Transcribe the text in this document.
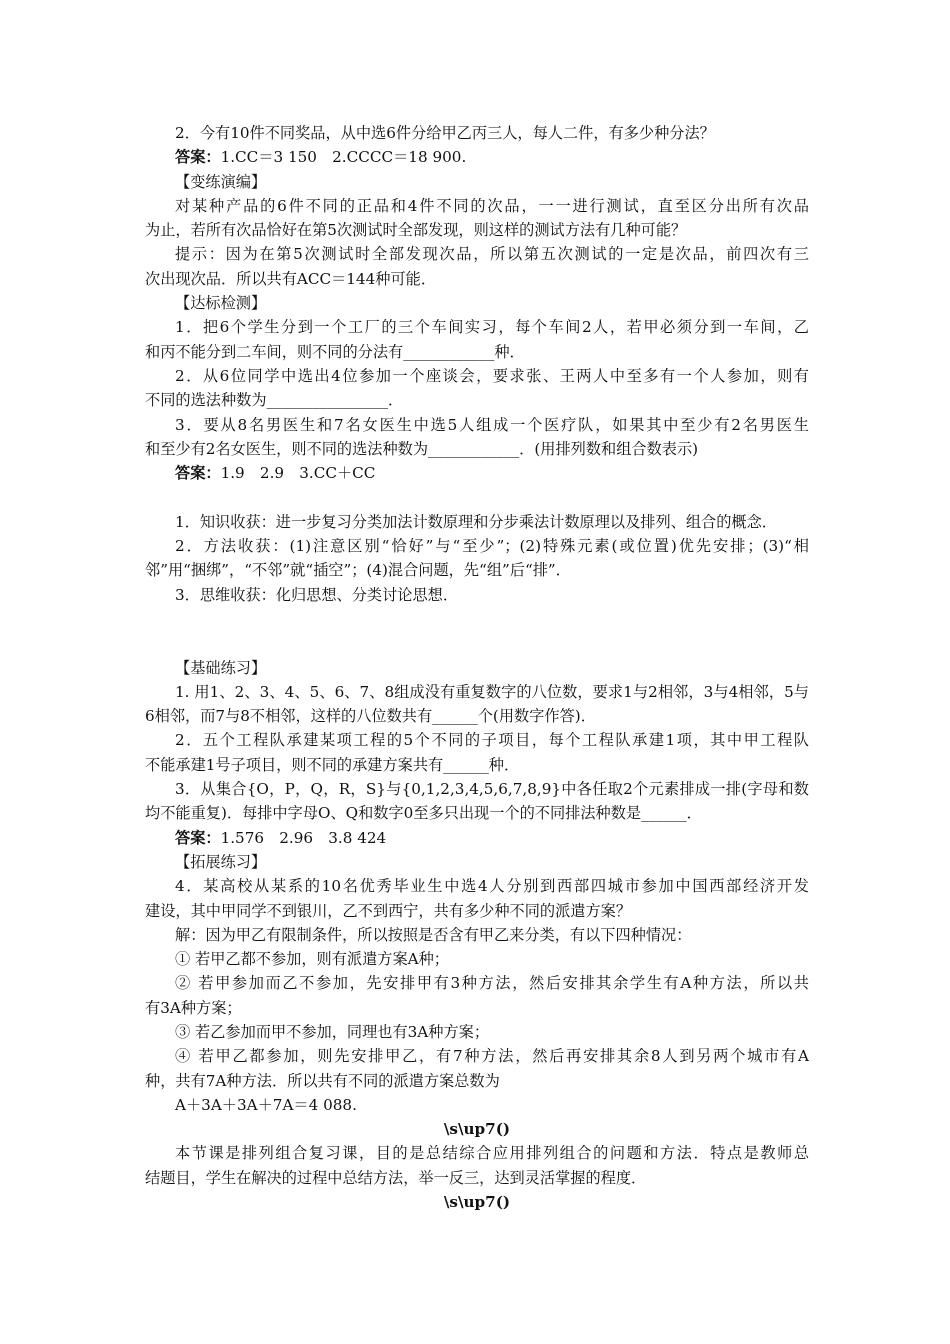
2．今有10件不同奖品，从中选6件分给甲乙丙三人，每人二件，有多少种分法？
答案：1.CC＝3 150　2.CCCC＝18 900.
【变练演编】
对某种产品的6件不同的正品和4件不同的次品，一一进行测试，直至区分出所有次品
为止，若所有次品恰好在第5次测试时全部发现，则这样的测试方法有几种可能？
提示：因为在第5次测试时全部发现次品，所以第五次测试的一定是次品，前四次有三
次出现次品．所以共有ACC＝144种可能．
【达标检测】
1．把6个学生分到一个工厂的三个车间实习，每个车间2人，若甲必须分到一车间，乙
和丙不能分到二车间，则不同的分法有____________种．
2．从6位同学中选出4位参加一个座谈会，要求张、王两人中至多有一个人参加，则有
不同的选法种数为________________．
3．要从8名男医生和7名女医生中选5人组成一个医疗队，如果其中至少有2名男医生
和至少有2名女医生，则不同的选法种数为____________．(用排列数和组合数表示)
答案：1.9　2.9　3.CC＋CC
1．知识收获：进一步复习分类加法计数原理和分步乘法计数原理以及排列、组合的概念．
2．方法收获：(1)注意区别“恰好”与“至少”；(2)特殊元素(或位置)优先安排；(3)“相
邻”用“捆绑”，“不邻”就“插空”；(4)混合问题，先“组”后“排”．
3．思维收获：化归思想、分类讨论思想．
【基础练习】
1. 用1、2、3、4、5、6、7、8组成没有重复数字的八位数，要求1与2相邻，3与4相邻，5与
6相邻，而7与8不相邻，这样的八位数共有______个(用数字作答)．
2．五个工程队承建某项工程的5个不同的子项目，每个工程队承建1项，其中甲工程队
不能承建1号子项目，则不同的承建方案共有______种．
3．从集合{O，P，Q，R，S}与{0,1,2,3,4,5,6,7,8,9}中各任取2个元素排成一排(字母和数
均不能重复)．每排中字母O、Q和数字0至多只出现一个的不同排法种数是______．
答案：1.576　2.96　3.8 424
【拓展练习】
4．某高校从某系的10名优秀毕业生中选4人分别到西部四城市参加中国西部经济开发
建设，其中甲同学不到银川，乙不到西宁，共有多少种不同的派遣方案？
解：因为甲乙有限制条件，所以按照是否含有甲乙来分类，有以下四种情况：
① 若甲乙都不参加，则有派遣方案A种；
② 若甲参加而乙不参加，先安排甲有3种方法，然后安排其余学生有A种方法，所以共
有3A种方案；
③ 若乙参加而甲不参加，同理也有3A种方案；
④ 若甲乙都参加，则先安排甲乙，有7种方法，然后再安排其余8人到另两个城市有A
种，共有7A种方法．所以共有不同的派遣方案总数为
A＋3A＋3A＋7A＝4 088.
\s\up7()
本节课是排列组合复习课，目的是总结综合应用排列组合的问题和方法．特点是教师总
结题目，学生在解决的过程中总结方法，举一反三，达到灵活掌握的程度．
\s\up7()
